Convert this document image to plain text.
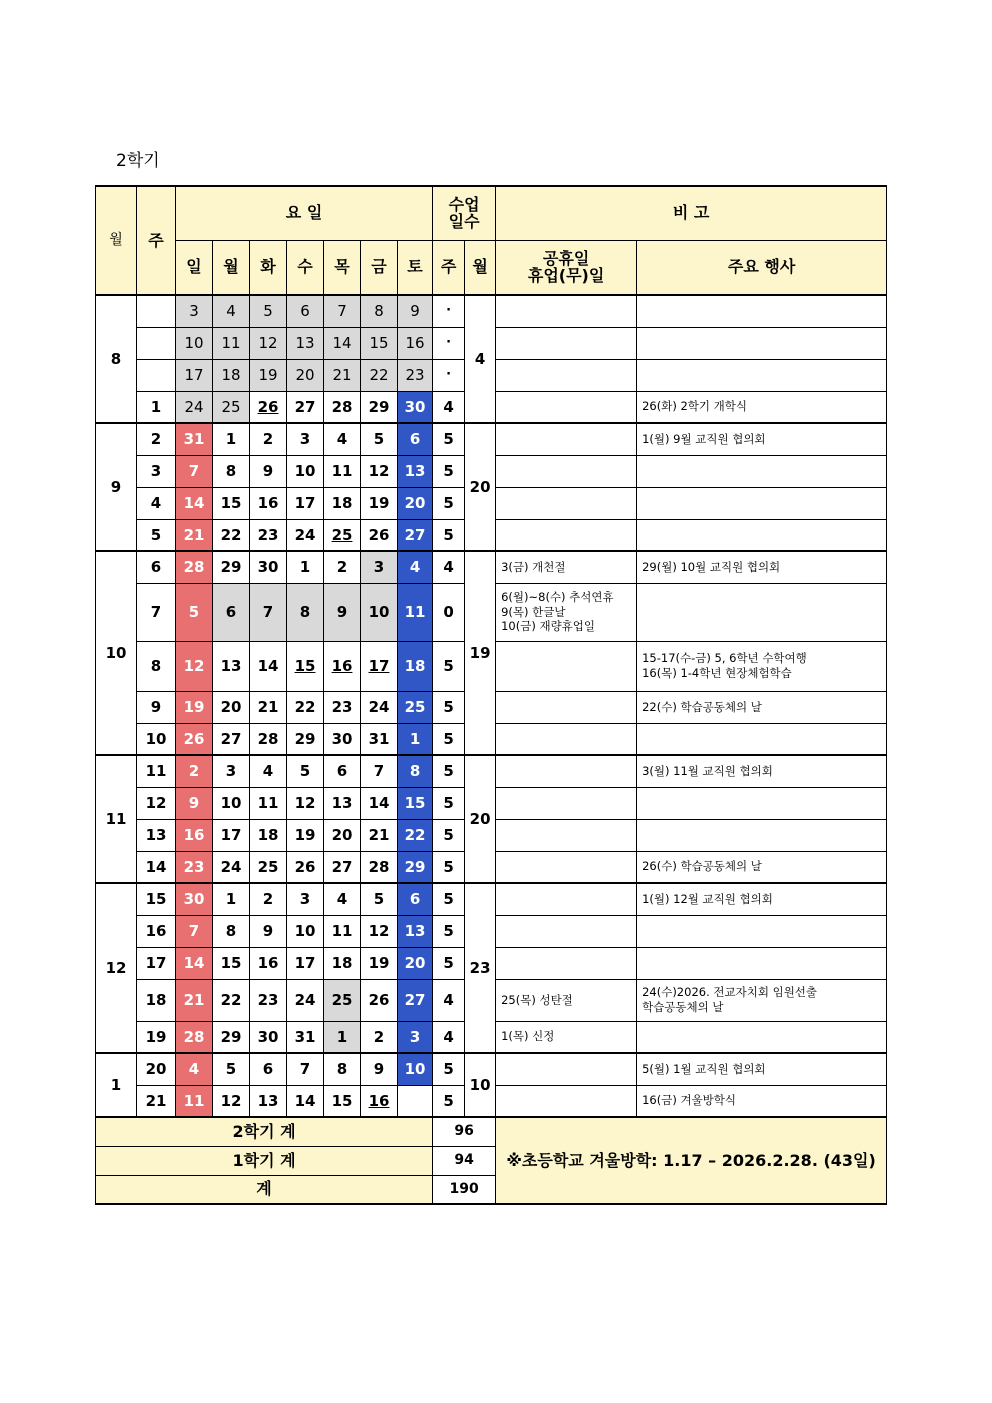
2학기
월	주	요 일							수업
일수		비 고	
		일	월	화	수	목	금	토	주	월	공휴일
휴업(무)일	주요 행사
8		3	4	5	6	7	8	9	·	4		
		10	11	12	13	14	15	16	·			
		17	18	19	20	21	22	23	·			
	1	24	25	26	27	28	29	30	4			26(화) 2학기 개학식
9	2	31	1	2	3	4	5	6	5	20		1(월) 9월 교직원 협의회
	3	7	8	9	10	11	12	13	5			
	4	14	15	16	17	18	19	20	5			
	5	21	22	23	24	25	26	27	5			
10	6	28	29	30	1	2	3	4	4	19	3(금) 개천절	29(월) 10월 교직원 협의회
	7	5	6	7	8	9	10	11	0		6(월)~8(수) 추석연휴
9(목) 한글날
10(금) 재량휴업일	
	8	12	13	14	15	16	17	18	5			15-17(수-금) 5, 6학년 수학여행
16(목) 1-4학년 현장체험학습
	9	19	20	21	22	23	24	25	5			22(수) 학습공동체의 날
	10	26	27	28	29	30	31	1	5			
11	11	2	3	4	5	6	7	8	5	20		3(월) 11월 교직원 협의회
	12	9	10	11	12	13	14	15	5			
	13	16	17	18	19	20	21	22	5			
	14	23	24	25	26	27	28	29	5			26(수) 학습공동체의 날
12	15	30	1	2	3	4	5	6	5	23		1(월) 12월 교직원 협의회
	16	7	8	9	10	11	12	13	5			
	17	14	15	16	17	18	19	20	5			
	18	21	22	23	24	25	26	27	4		25(목) 성탄절	24(수)2026. 전교자치회 임원선출
학습공동체의 날
	19	28	29	30	31	1	2	3	4		1(목) 신정	
1	20	4	5	6	7	8	9	10	5	10		5(월) 1월 교직원 협의회
	21	11	12	13	14	15	16		5			16(금) 겨울방학식
2학기 계									96		※초등학교 겨울방학: 1.17 – 2026.2.28. (43일)	
1학기 계									94			
계									190			
